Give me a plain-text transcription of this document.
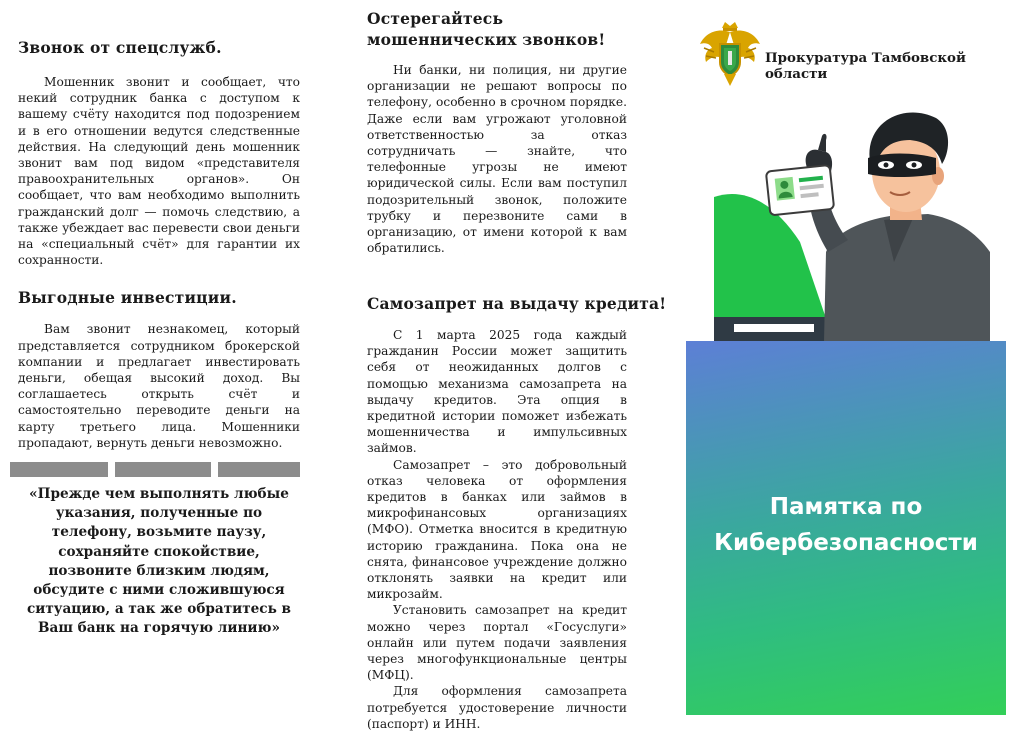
Звонок от спецслужб.

Мошенник звонит и сообщает, что некий сотрудник банка с доступом к вашему счёту находится под подозрением и в его отношении ведутся следственные действия. На следующий день мошенник звонит вам под видом «представителя правоохранительных органов». Он сообщает, что вам необходимо выполнить гражданский долг — помочь следствию, а также убеждает вас перевести свои деньги на «специальный счёт» для гарантии их сохранности.

Выгодные инвестиции.

Вам звонит незнакомец, который представляется сотрудником брокерской компании и предлагает инвестировать деньги, обещая высокий доход. Вы соглашаетесь открыть счёт и самостоятельно переводите деньги на карту третьего лица. Мошенники пропадают, вернуть деньги невозможно.

«Прежде чем выполнять любые указания, полученные по телефону, возьмите паузу, сохраняйте спокойствие, позвоните близким людям, обсудите с ними сложившуюся ситуацию, а так же обратитесь в Ваш банк на горячую линию»

Остерегайтесь
мошеннических звонков!

Ни банки, ни полиция, ни другие организации не решают вопросы по телефону, особенно в срочном порядке. Даже если вам угрожают уголовной ответственностью за отказ сотрудничать — знайте, что телефонные угрозы не имеют юридической силы. Если вам поступил подозрительный звонок, положите трубку и перезвоните сами в организацию, от имени которой к вам обратились.

Самозапрет на выдачу кредита!

С 1 марта 2025 года каждый гражданин России может защитить себя от неожиданных долгов с помощью механизма самозапрета на выдачу кредитов. Эта опция в кредитной истории поможет избежать мошенничества и импульсивных займов.

Самозапрет – это добровольный отказ человека от оформления кредитов в банках или займов в микрофинансовых организациях (МФО). Отметка вносится в кредитную историю гражданина. Пока она не снята, финансовое учреждение должно отклонять заявки на кредит или микрозайм.

Установить самозапрет на кредит можно через портал «Госуслуги» онлайн или путем подачи заявления через многофункциональные центры (МФЦ).

Для оформления самозапрета потребуется удостоверение личности (паспорт) и ИНН.

Прокуратура Тамбовской области
Памятка по
Кибербезопасности
